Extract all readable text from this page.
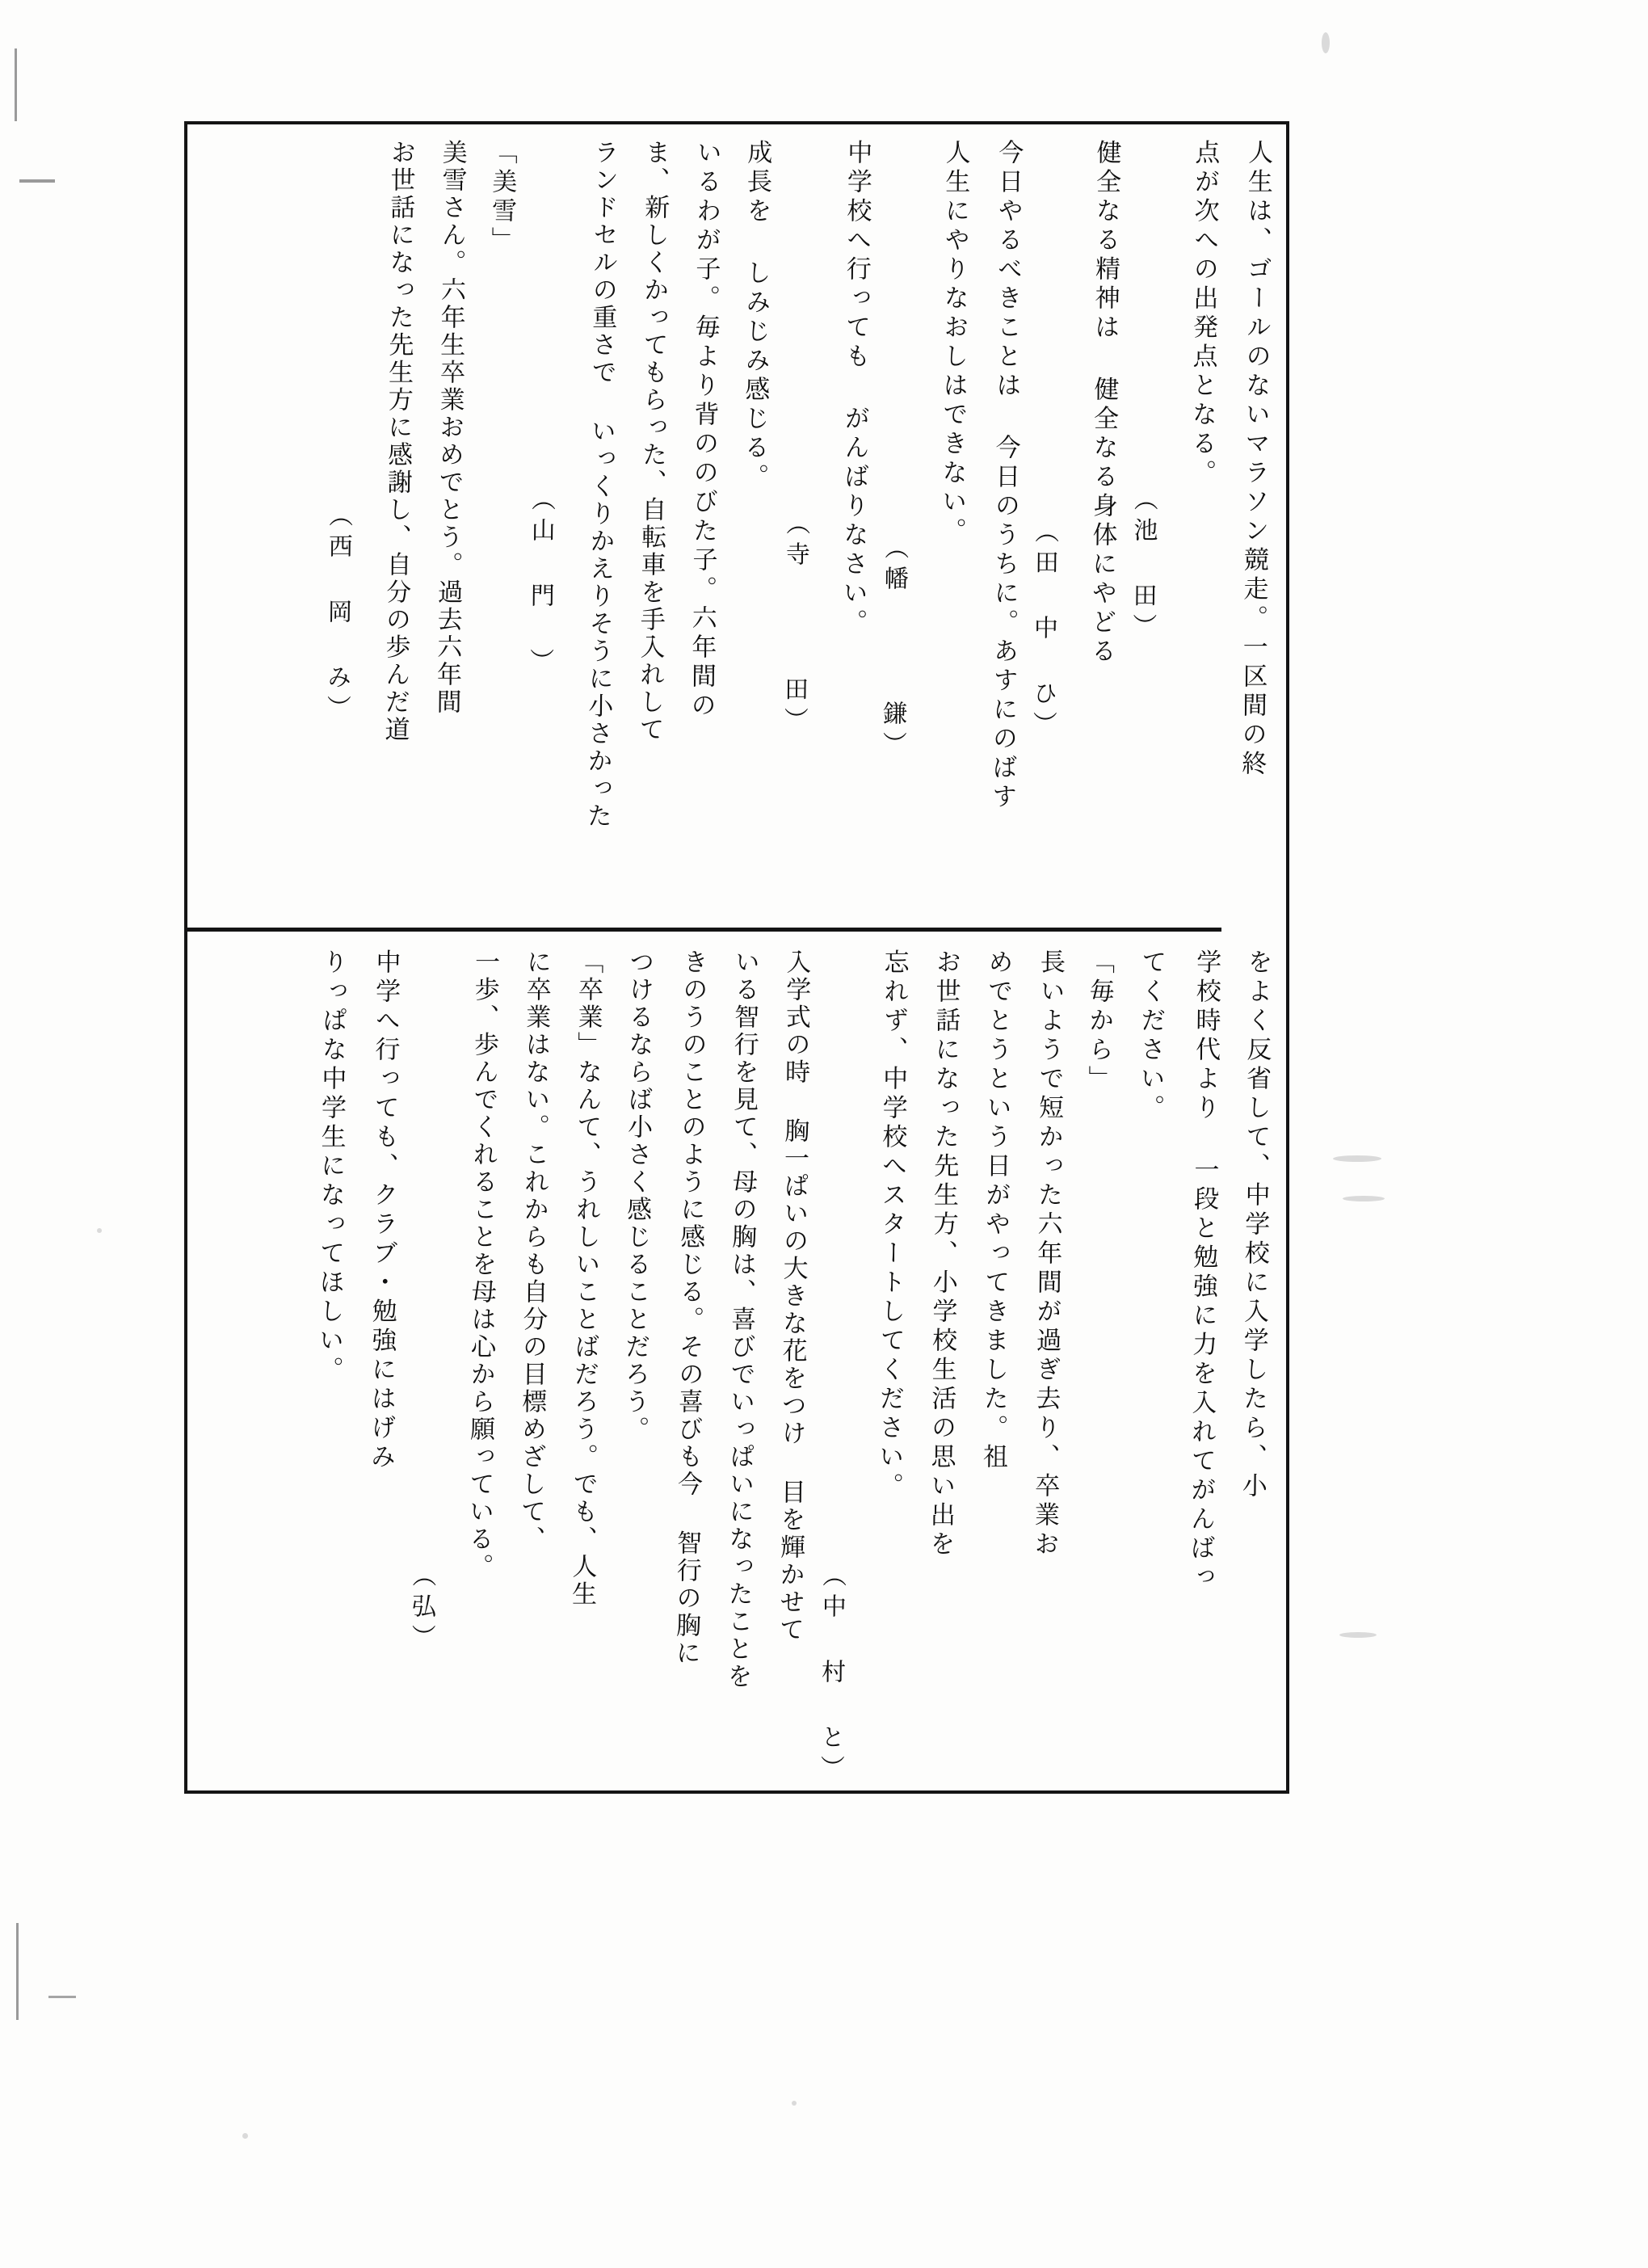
人生は、ゴールのないマラソン競走。一区間の終
点が次への出発点となる。
（池 田）
健全なる精神は 健全なる身体にやどる
（田 中 ひ）
今日やるべきことは 今日のうちに。あすにのばす
人生にやりなおしはできない。
（幡   鎌）
中学校へ行っても がんばりなさい。
（寺   田）
成長を しみじみ感じる。
いるわが子。毎より背ののびた子。六年間の
ま、新しくかってもらった、自転車を手入れして
ランドセルの重さで いっくりかえりそうに小さかった
（山 門 ）
「美雪」
美雪さん。六年生卒業おめでとう。過去六年間
お世話になった先生方に感謝し、自分の歩んだ道
（西 岡 み）
をよく反省して、中学校に入学したら、小
学校時代より 一段と勉強に力を入れてがんばっ
てください。
「毎から」
長いようで短かった六年間が過ぎ去り、卒業お
めでとうという日がやってきました。祖
お世話になった先生方、小学校生活の思い出を
忘れず、中学校へスタートしてください。
（中 村 と）
入学式の時 胸一ぱいの大きな花をつけ 目を輝かせて
いる智行を見て、母の胸は、喜びでいっぱいになったことを
きのうのことのように感じる。その喜びも今 智行の胸に
つけるならば小さく感じることだろう。
「卒業」なんて、うれしいことばだろう。でも、人生
に卒業はない。これからも自分の目標めざして、
一歩、歩んでくれることを母は心から願っている。
（弘）
中学へ行っても、クラブ・勉強にはげみ
りっぱな中学生になってほしい。
